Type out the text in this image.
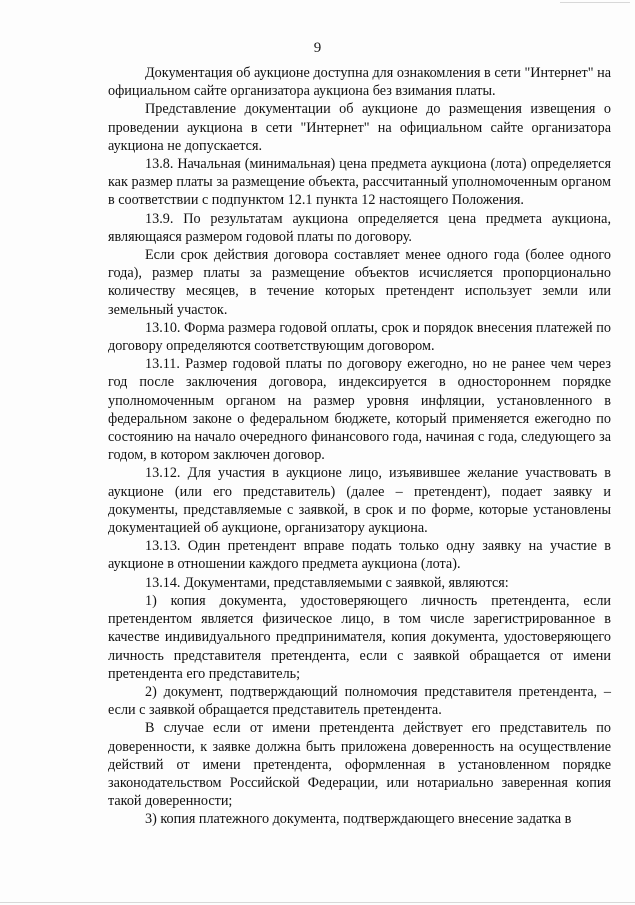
9

Документация об аукционе доступна для ознакомления в сети "Интернет" на официальном сайте организатора аукциона без взимания платы.

Представление документации об аукционе до размещения извещения о проведении аукциона в сети "Интернет" на официальном сайте организатора аукциона не допускается.

13.8. Начальная (минимальная) цена предмета аукциона (лота) определяется как размер платы за размещение объекта, рассчитанный уполномоченным органом в соответствии с подпунктом 12.1 пункта 12 настоящего Положения.

13.9. По результатам аукциона определяется цена предмета аукциона, являющаяся размером годовой платы по договору.

Если срок действия договора составляет менее одного года (более одного года), размер платы за размещение объектов исчисляется пропорционально количеству месяцев, в течение которых претендент использует земли или земельный участок.

13.10. Форма размера годовой оплаты, срок и порядок внесения платежей по договору определяются соответствующим договором.

13.11. Размер годовой платы по договору ежегодно, но не ранее чем через год после заключения договора, индексируется в одностороннем порядке уполномоченным органом на размер уровня инфляции, установленного в федеральном законе о федеральном бюджете, который применяется ежегодно по состоянию на начало очередного финансового года, начиная с года, следующего за годом, в котором заключен договор.

13.12. Для участия в аукционе лицо, изъявившее желание участвовать в аукционе (или его представитель) (далее – претендент), подает заявку и документы, представляемые с заявкой, в срок и по форме, которые установлены документацией об аукционе, организатору аукциона.

13.13. Один претендент вправе подать только одну заявку на участие в аукционе в отношении каждого предмета аукциона (лота).

13.14. Документами, представляемыми с заявкой, являются:

1) копия документа, удостоверяющего личность претендента, если претендентом является физическое лицо, в том числе зарегистрированное в качестве индивидуального предпринимателя, копия документа, удостоверяющего личность представителя претендента, если с заявкой обращается от имени претендента его представитель;

2) документ, подтверждающий полномочия представителя претендента, – если с заявкой обращается представитель претендента.

В случае если от имени претендента действует его представитель по доверенности, к заявке должна быть приложена доверенность на осуществление действий от имени претендента, оформленная в установленном порядке законодательством Российской Федерации, или нотариально заверенная копия такой доверенности;

3) копия платежного документа, подтверждающего внесение задатка в
